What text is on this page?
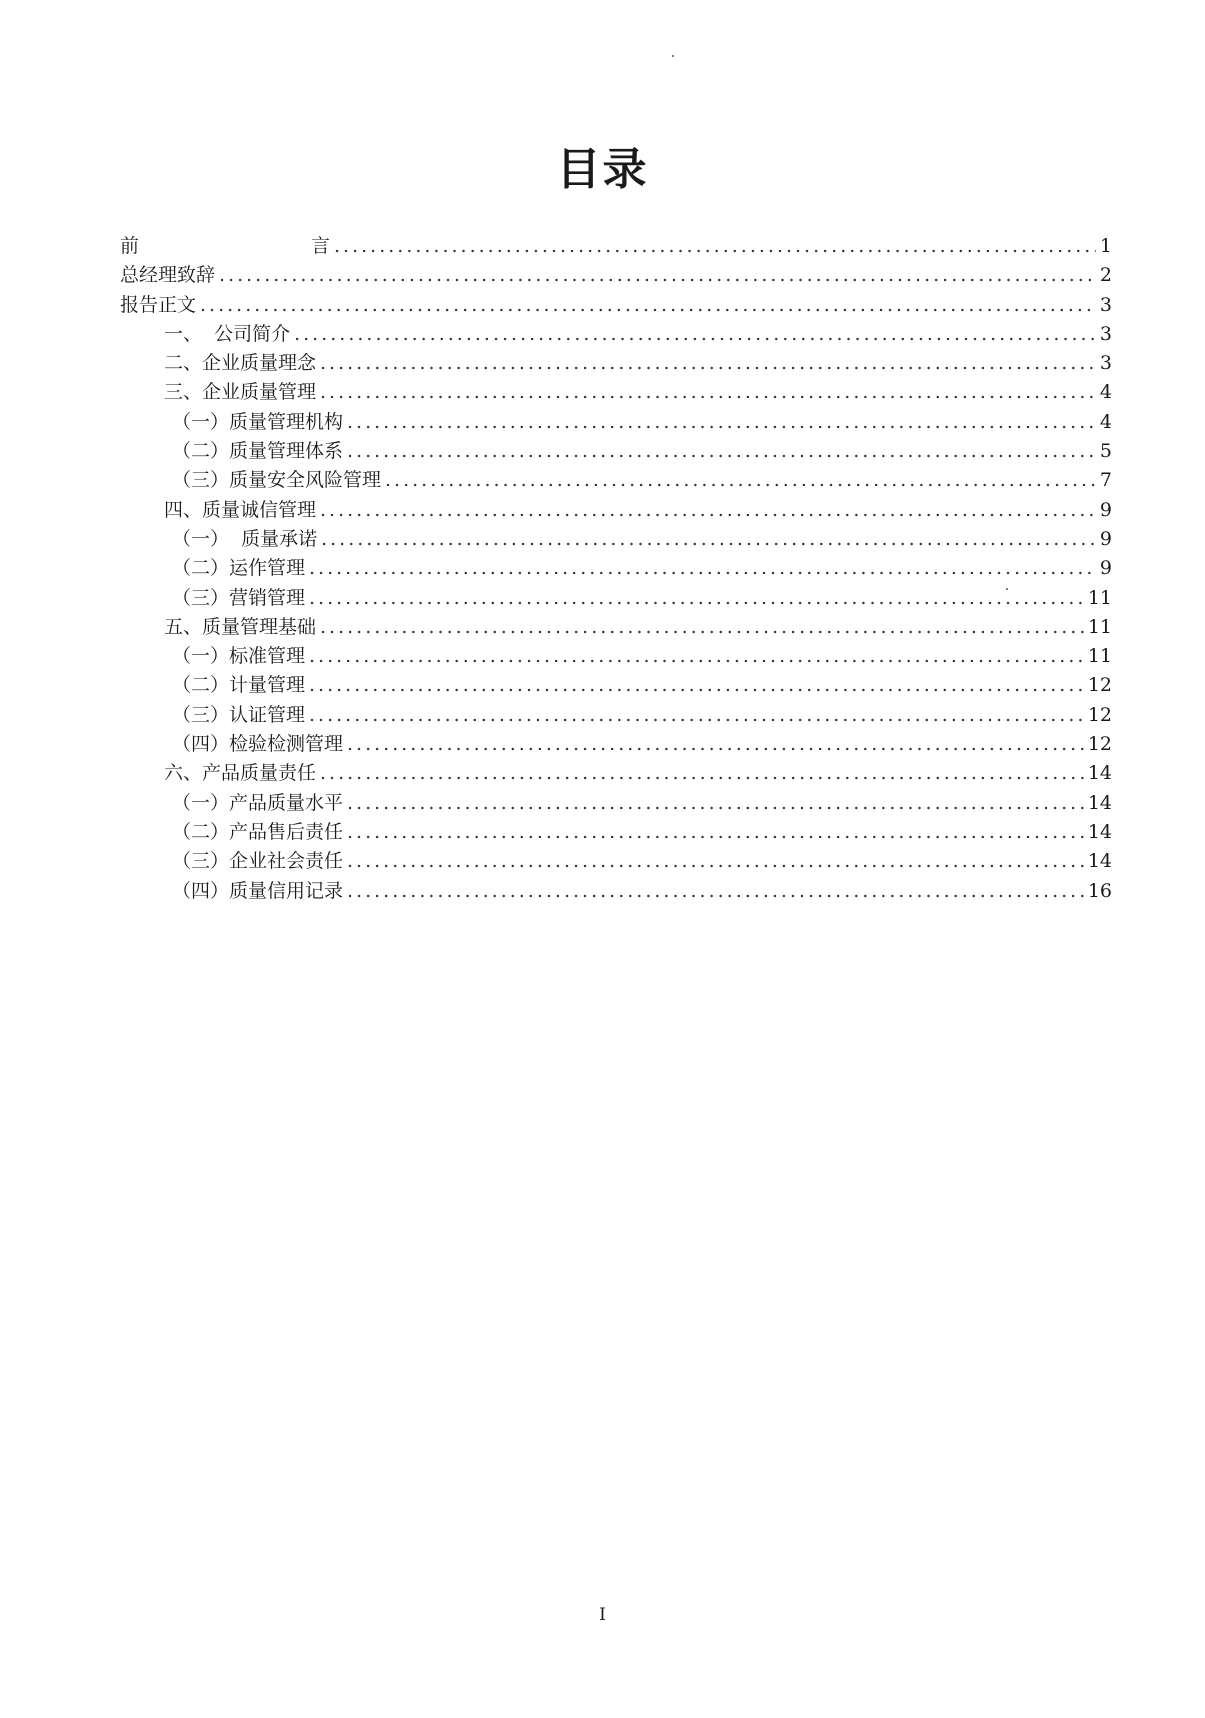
目录
前	言 .....	1
总经理致辞 .....	2
报告正文 .....	3
一、  公司简介 .....	3
二、企业质量理念 .....	3
三、企业质量管理 .....	4
（一）质量管理机构 .....	4
（二）质量管理体系 .....	5
（三）质量安全风险管理 .....	7
四、质量诚信管理 .....	9
（一）  质量承诺 .....	9
（二）运作管理 .....	9
（三）营销管理 .....	11
五、质量管理基础 .....	11
（一）标准管理 .....	11
（二）计量管理 .....	12
（三）认证管理 .....	12
（四）检验检测管理 .....	12
六、产品质量责任 .....	14
（一）产品质量水平 .....	14
（二）产品售后责任 .....	14
（三）企业社会责任 .....	14
（四）质量信用记录 .....	16
I
